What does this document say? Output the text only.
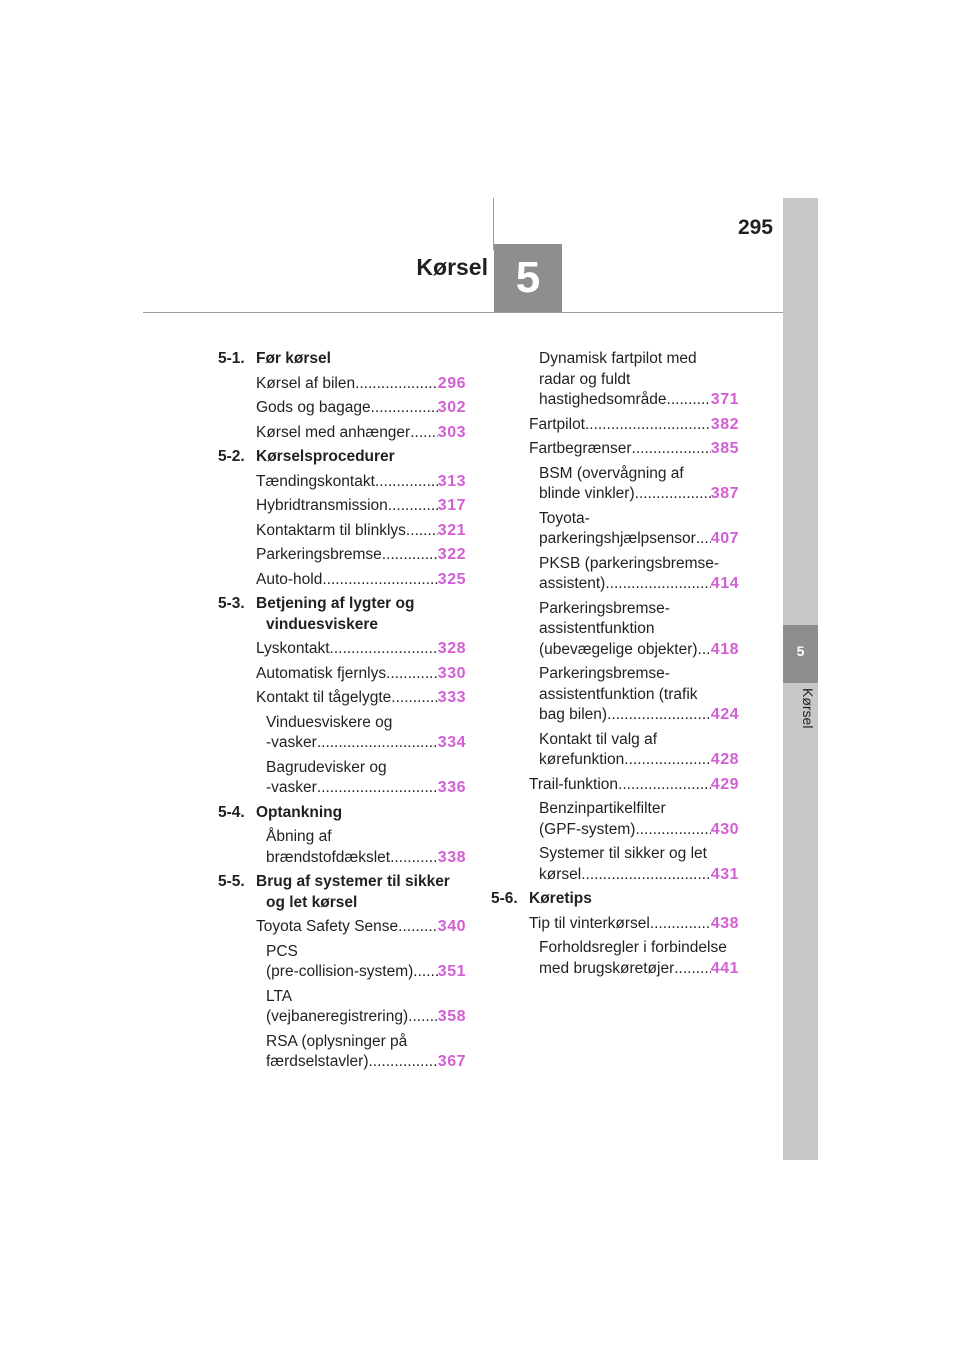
295
Kørsel 5
5
Kørsel
5-1. Før kørsel
Kørsel af bilen .....	296
Gods og bagage .....	302
Kørsel med anhænger ..... 303
5-2. Kørselsprocedurer
Tændingskontakt .....	313
Hybridtransmission .....	317
Kontaktarm til blinklys ..... 321
Parkeringsbremse .....	322
Auto-hold .....	325
5-3. Betjening af lygter og
vinduesviskere
Lyskontakt .....	328
Automatisk fjernlys .....	330
Kontakt til tågelygte .....	333
Vinduesviskere og
-vasker .....	334
Bagrudevisker og
-vasker .....	336
5-4. Optankning
Åbning af
brændstofdækslet .....	338
5-5. Brug af systemer til sikker
og let kørsel
Toyota Safety Sense ..... 340
PCS
(pre-collision-system) ..... 351
LTA
(vejbaneregistrering) ..... 358
RSA (oplysninger på
færdselstavler) .....	367
Dynamisk fartpilot med
radar og fuldt
hastighedsområde .....	371
Fartpilot .....	382
Fartbegrænser .....	385
BSM (overvågning af
blinde vinkler) .....	387
Toyota-
parkeringshjælpsensor ..... 407
PKSB (parkeringsbremse-
assistent) .....	414
Parkeringsbremse-
assistentfunktion
(ubevægelige objekter) ..... 418
Parkeringsbremse-
assistentfunktion (trafik
bag bilen) .....	424
Kontakt til valg af
kørefunktion .....	428
Trail-funktion .....	429
Benzinpartikelfilter
(GPF-system) .....	430
Systemer til sikker og let
kørsel .....	431
5-6. Køretips
Tip til vinterkørsel .....	438
Forholdsregler i forbindelse
med brugskøretøjer ..... 441
